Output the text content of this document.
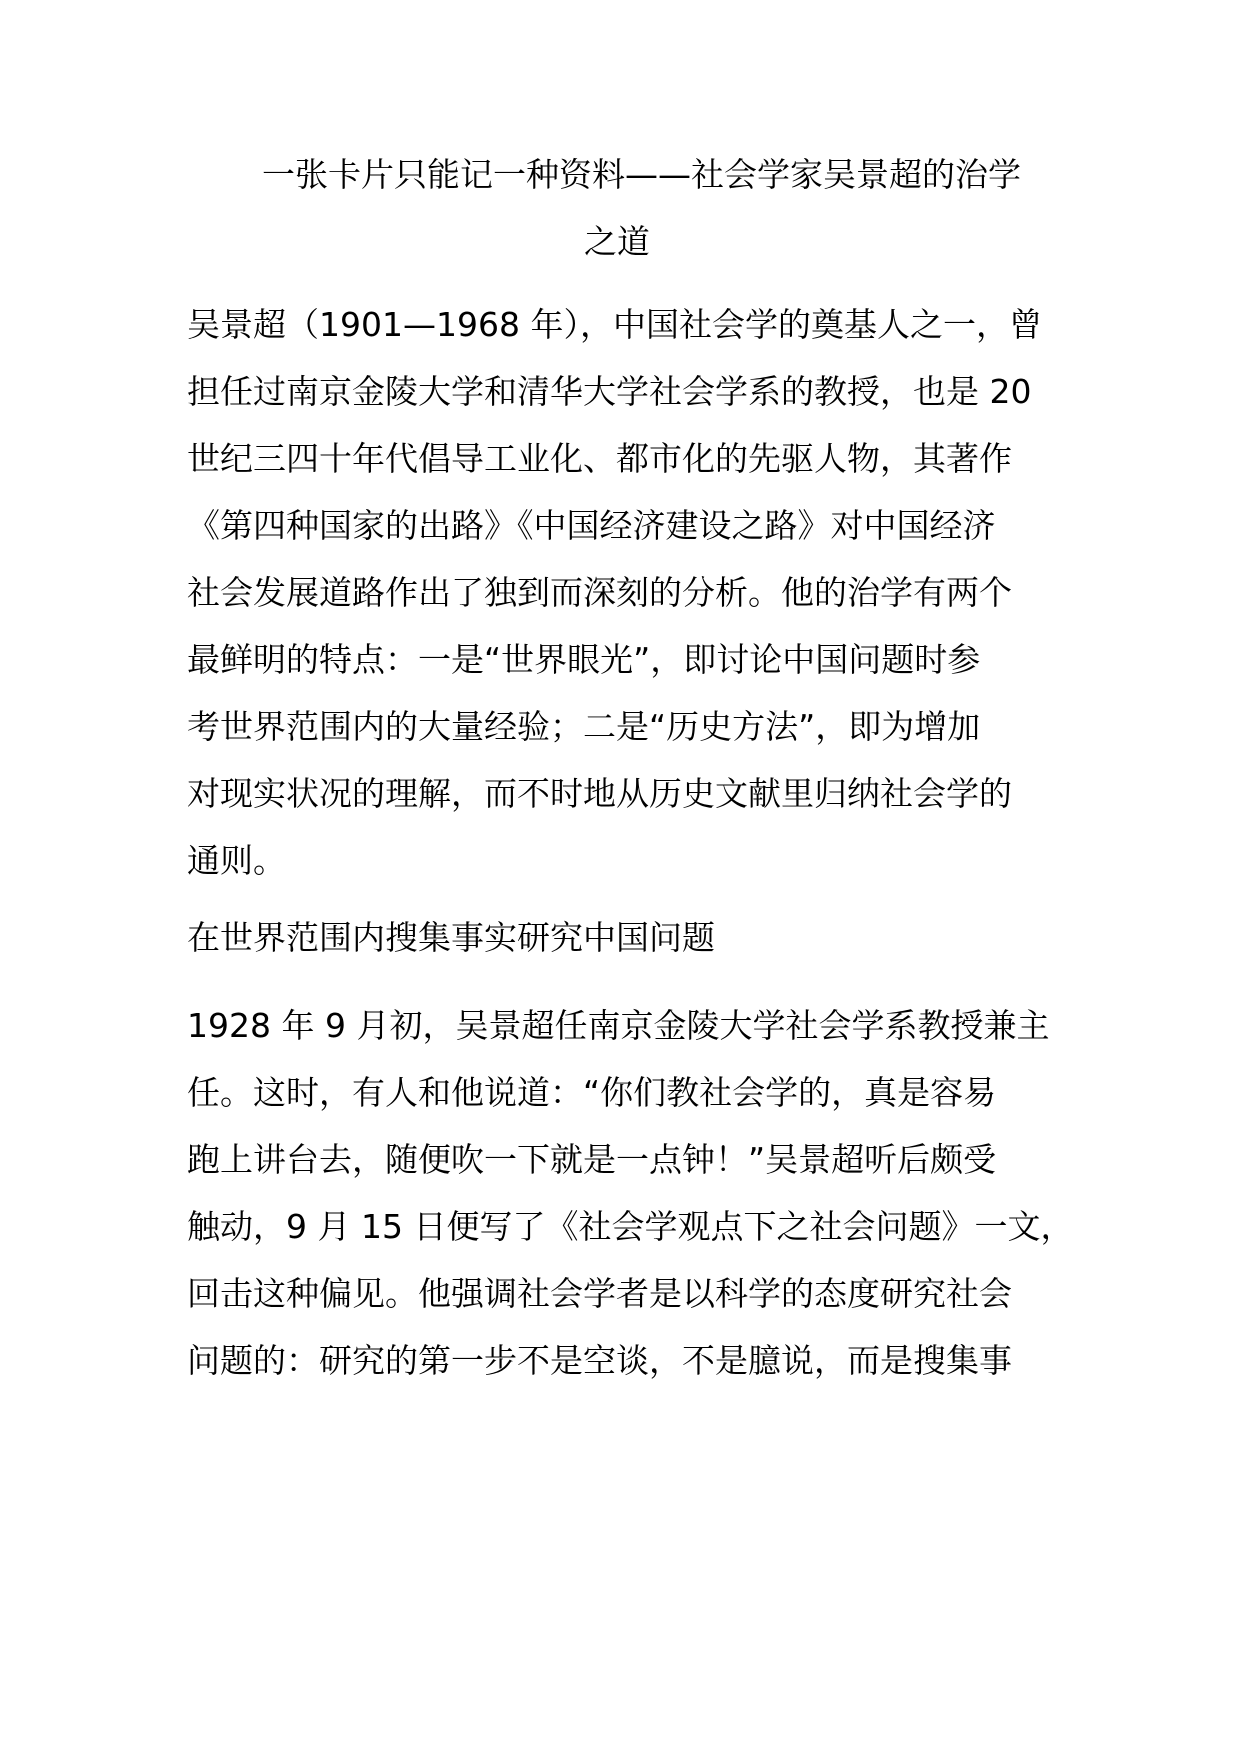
一张卡片只能记一种资料——社会学家吴景超的治学
之道
吴景超（1901—1968 年），中国社会学的奠基人之一，曾
担任过南京金陵大学和清华大学社会学系的教授，也是 20
世纪三四十年代倡导工业化、都市化的先驱人物，其著作
《第四种国家的出路》《中国经济建设之路》对中国经济
社会发展道路作出了独到而深刻的分析。他的治学有两个
最鲜明的特点：一是“世界眼光”，即讨论中国问题时参
考世界范围内的大量经验；二是“历史方法”，即为增加
对现实状况的理解，而不时地从历史文献里归纳社会学的
通则。
在世界范围内搜集事实研究中国问题
1928 年 9 月初，吴景超任南京金陵大学社会学系教授兼主
任。这时，有人和他说道：“你们教社会学的，真是容易
跑上讲台去，随便吹一下就是一点钟！”吴景超听后颇受
触动，9 月 15 日便写了《社会学观点下之社会问题》一文，
回击这种偏见。他强调社会学者是以科学的态度研究社会
问题的：研究的第一步不是空谈，不是臆说，而是搜集事
